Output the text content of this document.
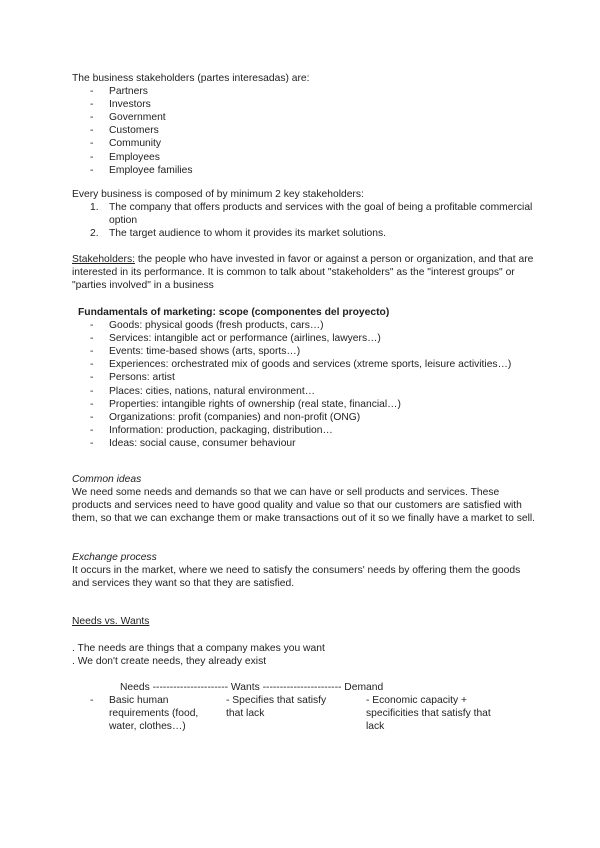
The business stakeholders (partes interesadas) are:

- Partners
- Investors
- Government
- Customers
- Community
- Employees
- Employee families

Every business is composed of by minimum 2 key stakeholders:

1. The company that offers products and services with the goal of being a profitable commercial option
2. The target audience to whom it provides its market solutions.

Stakeholders: the people who have invested in favor or against a person or organization, and that are interested in its performance. It is common to talk about "stakeholders" as the "interest groups" or "parties involved" in a business

Fundamentals of marketing: scope (componentes del proyecto)

- Goods: physical goods (fresh products, cars…)
- Services: intangible act or performance (airlines, lawyers…)
- Events: time-based shows (arts, sports…)
- Experiences: orchestrated mix of goods and services (xtreme sports, leisure activities…)
- Persons: artist
- Places: cities, nations, natural environment…
- Properties: intangible rights of ownership (real state, financial…)
- Organizations: profit (companies) and non-profit (ONG)
- Information: production, packaging, distribution…
- Ideas: social cause, consumer behaviour

Common ideas

We need some needs and demands so that we can have or sell products and services. These products and services need to have good quality and value so that our customers are satisfied with them, so that we can exchange them or make transactions out of it so we finally have a market to sell.

Exchange process

It occurs in the market, where we need to satisfy the consumers' needs by offering them the goods and services they want so that they are satisfied.

Needs vs. Wants

. The needs are things that a company makes you want

. We don't create needs, they already exist

Needs ---------------------- Wants ----------------------- Demand

- Basic human requirements (food, water, clothes…)
- Specifies that satisfy that lack
- Economic capacity + specificities that satisfy that lack
